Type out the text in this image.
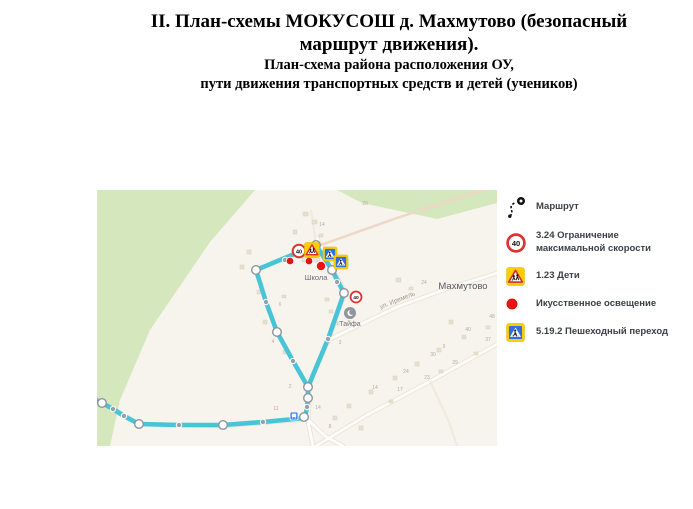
II. План-схемы МОКУСОШ д. Махмутово (безопасный
маршрут движения).
План-схема района расположения ОУ,
пути движения транспортных средств и детей (учеников)
20
14
24
48
40
37
29
30
24
23
17
14
3
2
6
4
8
14
9
11
Школа
Тайфа
Махмутово
ул. Иремель
Маршрут
3.24 Ограничение максимальной скорости
1.23 Дети
Икусственное освещение
5.19.2 Пешеходный переход
